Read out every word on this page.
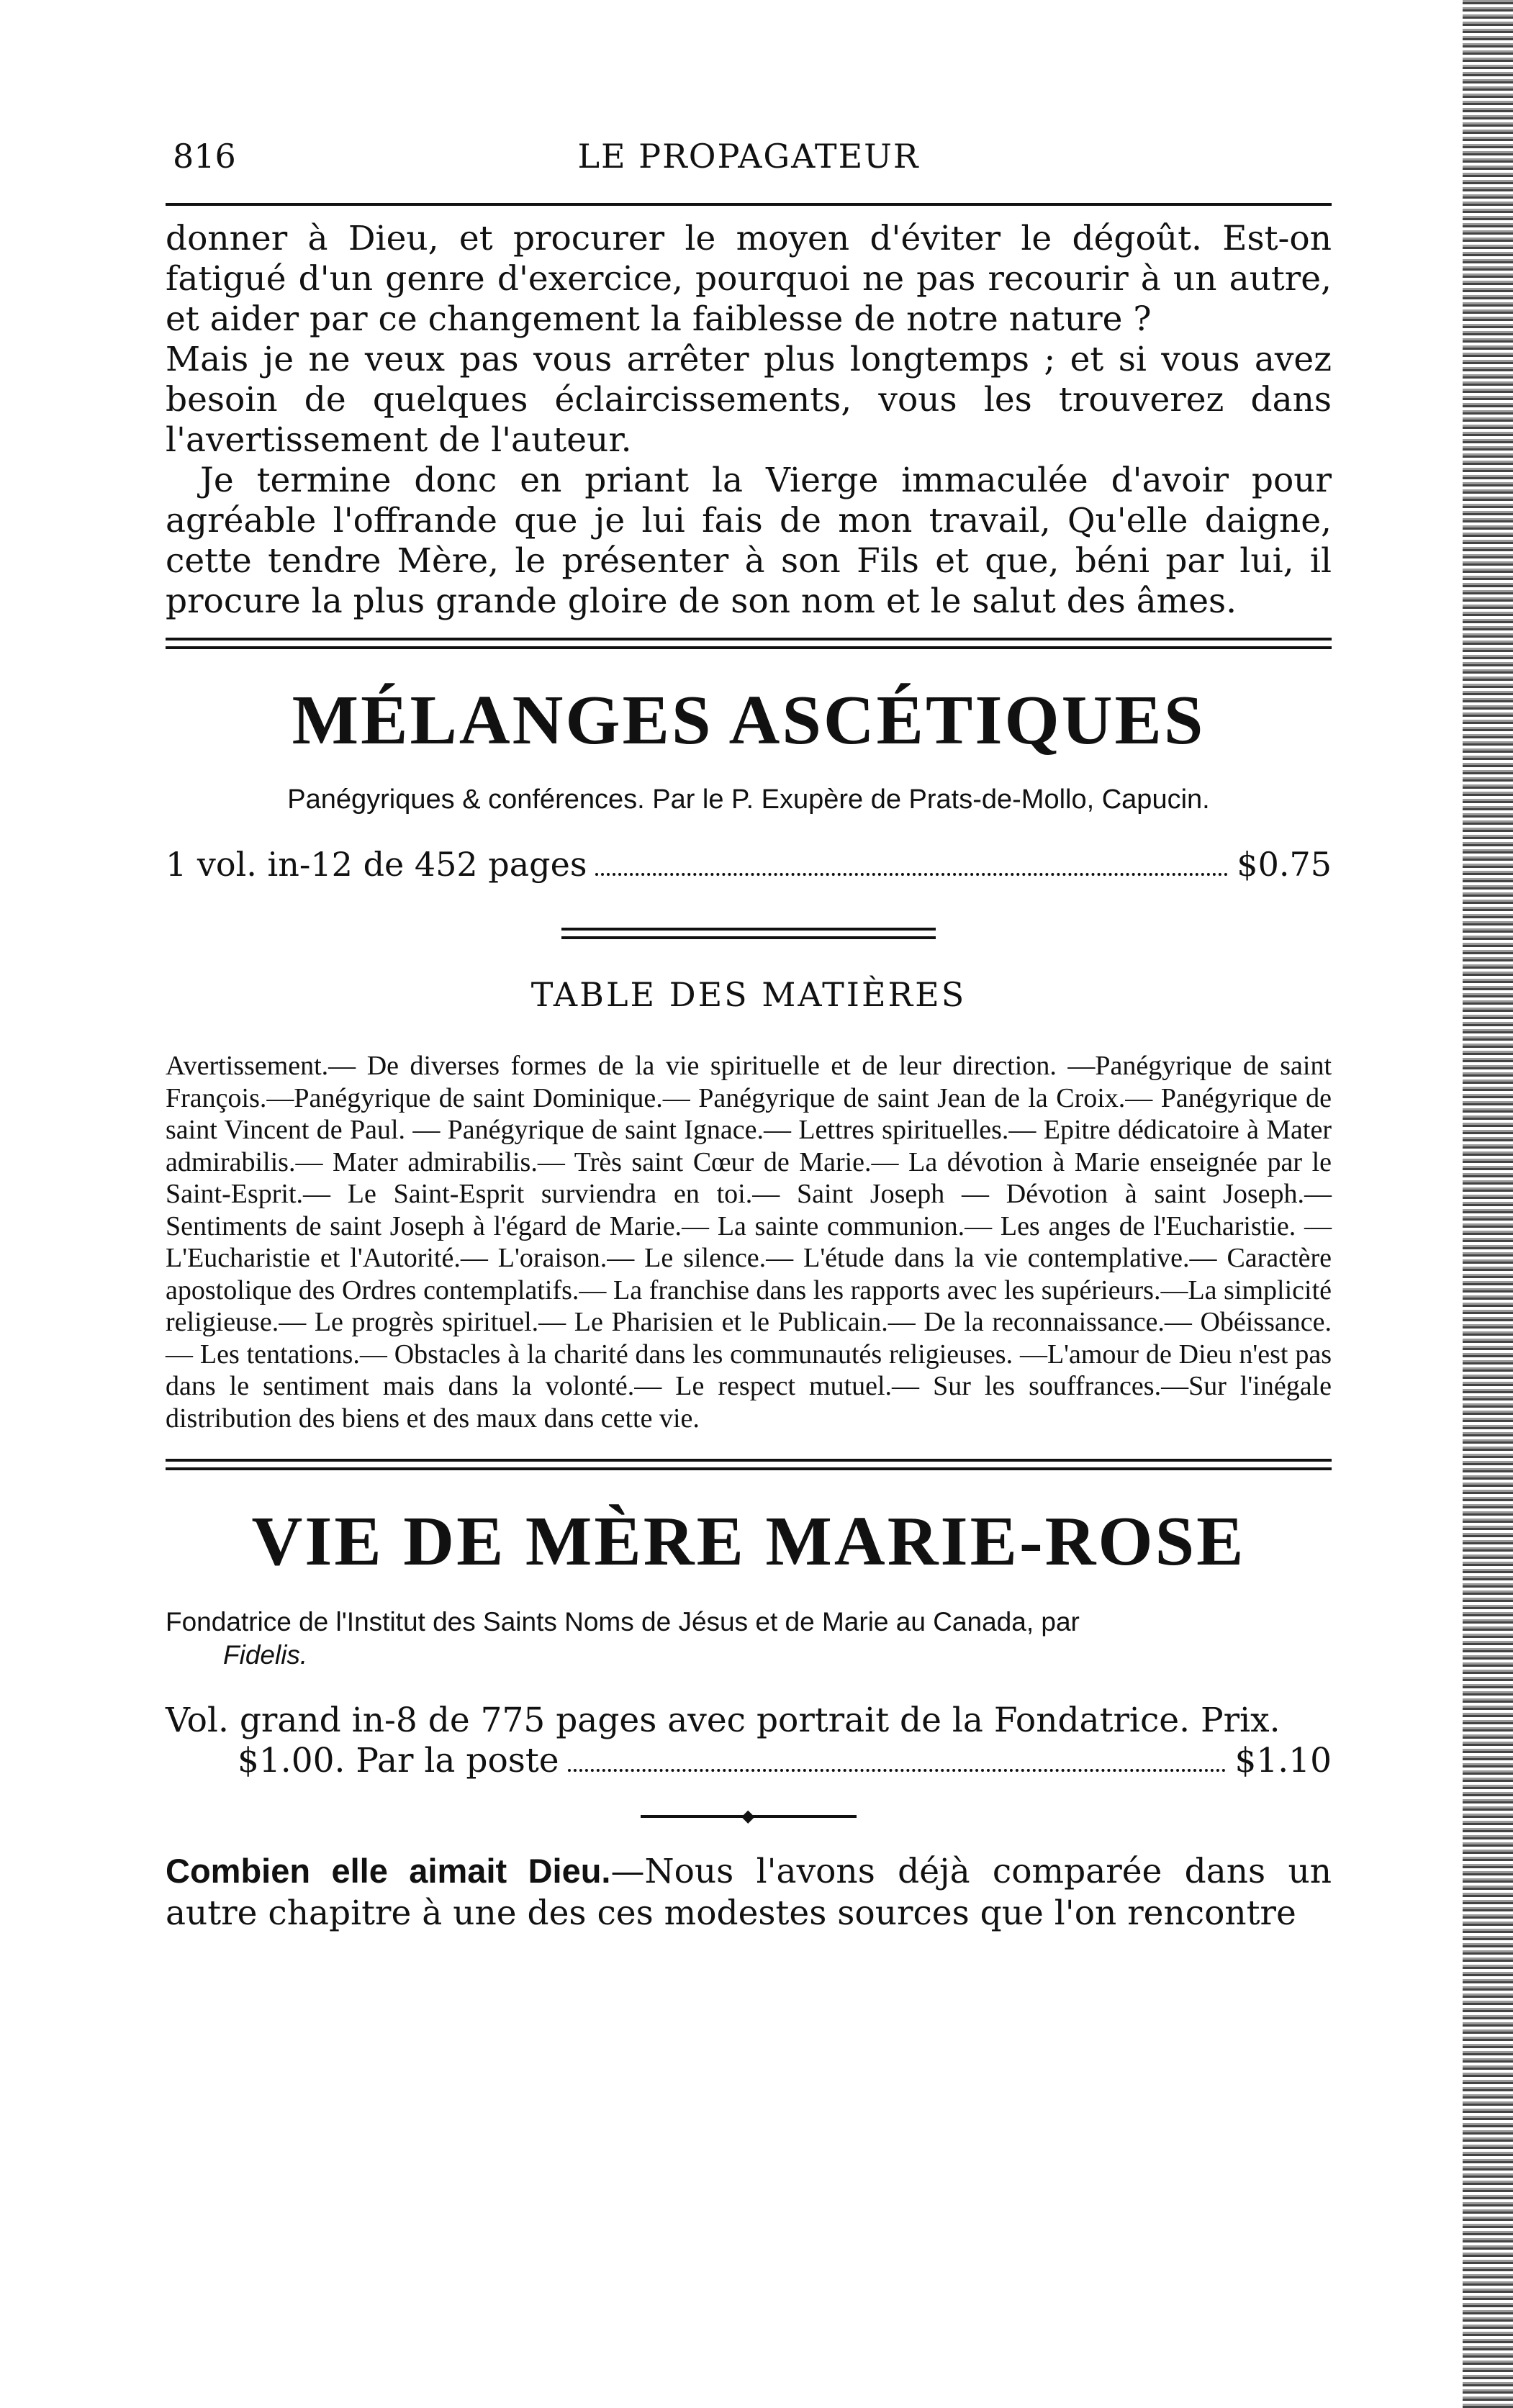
816	LE PROPAGATEUR

donner à Dieu, et procurer le moyen d'éviter le dégoût. Est-on fatigué d'un genre d'exercice, pourquoi ne pas recourir à un autre, et aider par ce changement la faiblesse de notre nature ?

Mais je ne veux pas vous arrêter plus longtemps ; et si vous avez besoin de quelques éclaircissements, vous les trouverez dans l'avertissement de l'auteur.

Je termine donc en priant la Vierge immaculée d'avoir pour agréable l'offrande que je lui fais de mon travail, Qu'elle daigne, cette tendre Mère, le présenter à son Fils et que, béni par lui, il procure la plus grande gloire de son nom et le salut des âmes.

MÉLANGES ASCÉTIQUES

Panégyriques & conférences. Par le P. Exupère de Prats-de-Mollo, Capucin.

1 vol. in-12 de 452 pages	$0.75
TABLE DES MATIÈRES

Avertissement.— De diverses formes de la vie spirituelle et de leur direction. —Panégyrique de saint François.—Panégyrique de saint Dominique.— Panégyrique de saint Jean de la Croix.— Panégyrique de saint Vincent de Paul. — Panégyrique de saint Ignace.— Lettres spirituelles.— Epitre dédicatoire à Mater admirabilis.— Mater admirabilis.— Très saint Cœur de Marie.— La dévotion à Marie enseignée par le Saint-Esprit.— Le Saint-Esprit surviendra en toi.— Saint Joseph — Dévotion à saint Joseph.— Sentiments de saint Joseph à l'égard de Marie.— La sainte communion.— Les anges de l'Eucharistie. — L'Eucharistie et l'Autorité.— L'oraison.— Le silence.— L'étude dans la vie contemplative.— Caractère apostolique des Ordres contemplatifs.— La franchise dans les rapports avec les supérieurs.—La simplicité religieuse.— Le progrès spirituel.— Le Pharisien et le Publicain.— De la reconnaissance.— Obéissance. — Les tentations.— Obstacles à la charité dans les communautés religieuses. —L'amour de Dieu n'est pas dans le sentiment mais dans la volonté.— Le respect mutuel.— Sur les souffrances.—Sur l'inégale distribution des biens et des maux dans cette vie.

VIE DE MÈRE MARIE-ROSE

Fondatrice de l'Institut des Saints Noms de Jésus et de Marie au Canada, par
Fidelis.

Vol. grand in-8 de 775 pages avec portrait de la Fondatrice. Prix.
$1.00. Par la poste	$1.10
◆

Combien elle aimait Dieu.—Nous l'avons déjà comparée dans un autre chapitre à une des ces modestes sources que l'on rencontre
